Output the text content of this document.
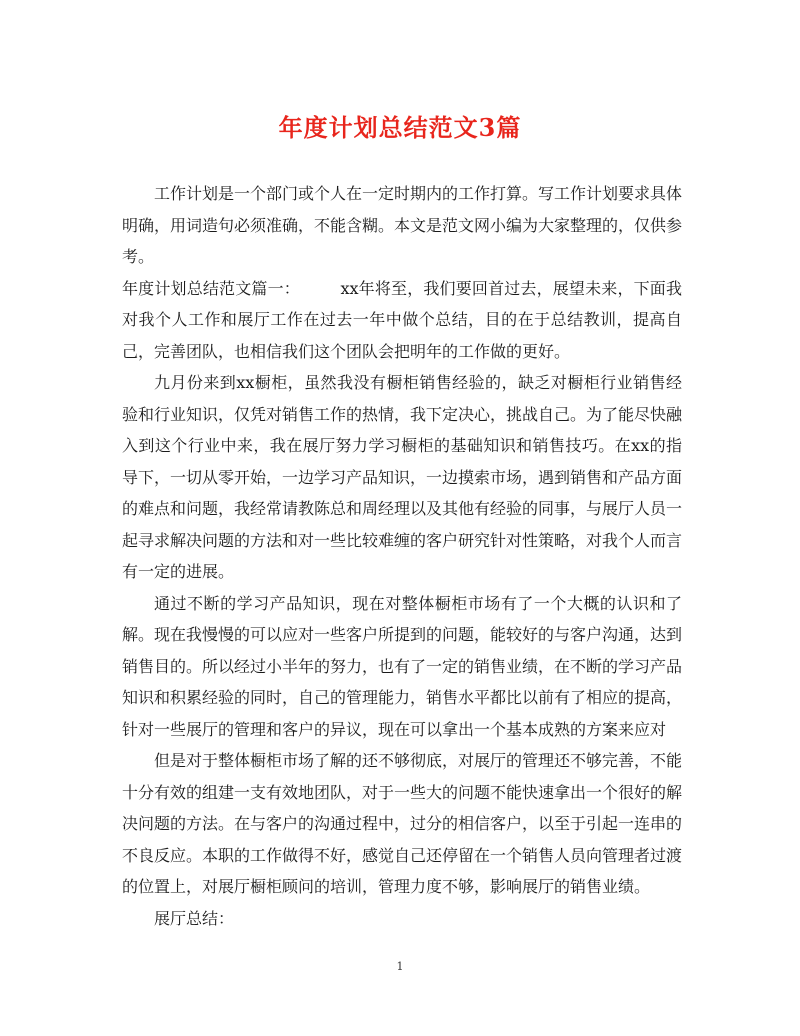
年度计划总结范文3篇

工作计划是一个部门或个人在一定时期内的工作打算。写工作计划要求具体明确，用词造句必须准确，不能含糊。本文是范文网小编为大家整理的，仅供参考。

年度计划总结范文篇一：　　　xx年将至，我们要回首过去，展望未来，下面我对我个人工作和展厅工作在过去一年中做个总结，目的在于总结教训，提高自己，完善团队，也相信我们这个团队会把明年的工作做的更好。

九月份来到xx橱柜，虽然我没有橱柜销售经验的，缺乏对橱柜行业销售经验和行业知识，仅凭对销售工作的热情，我下定决心，挑战自己。为了能尽快融入到这个行业中来，我在展厅努力学习橱柜的基础知识和销售技巧。在xx的指导下，一切从零开始，一边学习产品知识，一边摸索市场，遇到销售和产品方面的难点和问题，我经常请教陈总和周经理以及其他有经验的同事，与展厅人员一起寻求解决问题的方法和对一些比较难缠的客户研究针对性策略，对我个人而言有一定的进展。

通过不断的学习产品知识，现在对整体橱柜市场有了一个大概的认识和了解。现在我慢慢的可以应对一些客户所提到的问题，能较好的与客户沟通，达到销售目的。所以经过小半年的努力，也有了一定的销售业绩，在不断的学习产品知识和积累经验的同时，自己的管理能力，销售水平都比以前有了相应的提高，针对一些展厅的管理和客户的异议，现在可以拿出一个基本成熟的方案来应对

但是对于整体橱柜市场了解的还不够彻底，对展厅的管理还不够完善，不能十分有效的组建一支有效地团队，对于一些大的问题不能快速拿出一个很好的解决问题的方法。在与客户的沟通过程中，过分的相信客户，以至于引起一连串的不良反应。本职的工作做得不好，感觉自己还停留在一个销售人员向管理者过渡的位置上，对展厅橱柜顾问的培训，管理力度不够，影响展厅的销售业绩。

展厅总结：

1
